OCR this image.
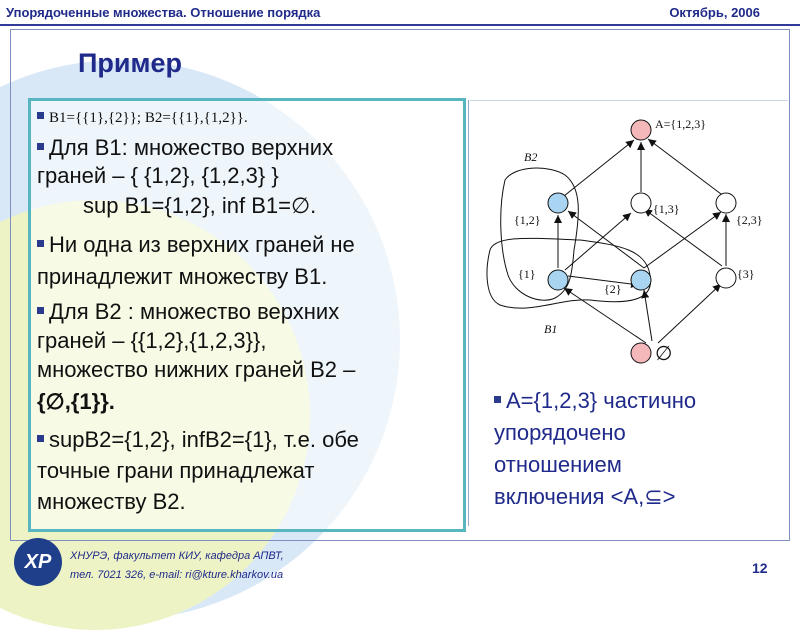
Упорядоченные множества. Отношение порядка	Октябрь, 2006
Пример
B1={{1},{2}}; B2={{1},{1,2}}.
Для B1: множество верхних
граней – { {1,2}, {1,2,3} }
sup B1={1,2}, inf B1=∅.
Ни одна из верхних граней не
принадлежит множеству B1.
Для B2 : множество верхних
граней – {{1,2},{1,2,3}},
множество нижних граней B2 –
{∅,{1}}.
supB2={1,2}, infB2={1}, т.е. обе
точные грани принадлежат
множеству B2.
A={1,2,3}
{1,2}
{1,3}
{2,3}
{1}
{2}
{3}
∅
B2
B1
A={1,2,3} частично
упорядочено
отношением
включения <A,⊆>
ХР	ХНУРЭ, факультет КИУ, кафедра АПВТ,
тел. 7021 326, e-mail: ri@kture.kharkov.ua	12
